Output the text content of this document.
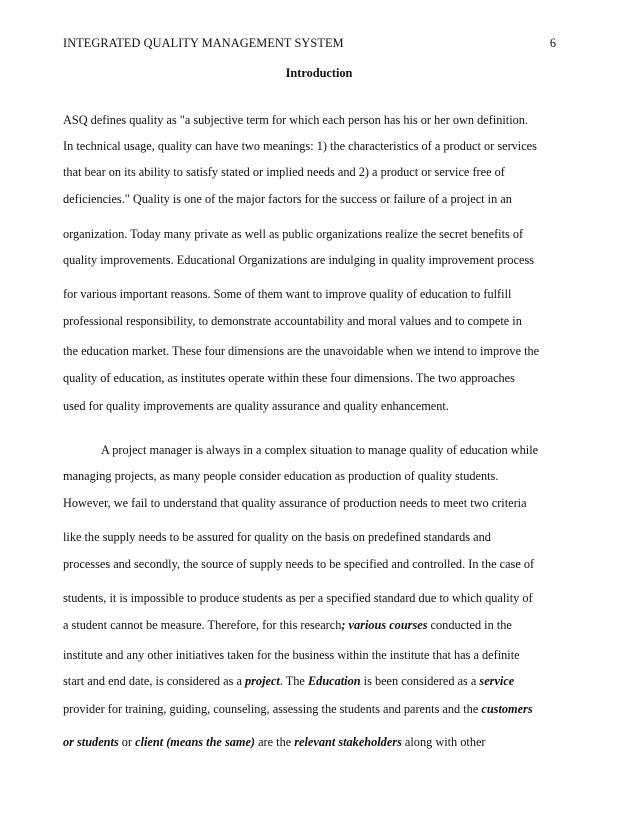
INTEGRATED QUALITY MANAGEMENT SYSTEM	6
Introduction
ASQ defines quality as "a subjective term for which each person has his or her own definition.
In technical usage, quality can have two meanings: 1) the characteristics of a product or services
that bear on its ability to satisfy stated or implied needs and 2) a product or service free of
deficiencies." Quality is one of the major factors for the success or failure of a project in an
organization. Today many private as well as public organizations realize the secret benefits of
quality improvements. Educational Organizations are indulging in quality improvement process
for various important reasons. Some of them want to improve quality of education to fulfill
professional responsibility, to demonstrate accountability and moral values and to compete in
the education market. These four dimensions are the unavoidable when we intend to improve the
quality of education, as institutes operate within these four dimensions. The two approaches
used for quality improvements are quality assurance and quality enhancement.
A project manager is always in a complex situation to manage quality of education while
managing projects, as many people consider education as production of quality students.
However, we fail to understand that quality assurance of production needs to meet two criteria
like the supply needs to be assured for quality on the basis on predefined standards and
processes and secondly, the source of supply needs to be specified and controlled. In the case of
students, it is impossible to produce students as per a specified standard due to which quality of
a student cannot be measure. Therefore, for this research; various courses conducted in the
institute and any other initiatives taken for the business within the institute that has a definite
start and end date, is considered as a project. The Education is been considered as a service
provider for training, guiding, counseling, assessing the students and parents and the customers
or students or client (means the same) are the relevant stakeholders along with other
